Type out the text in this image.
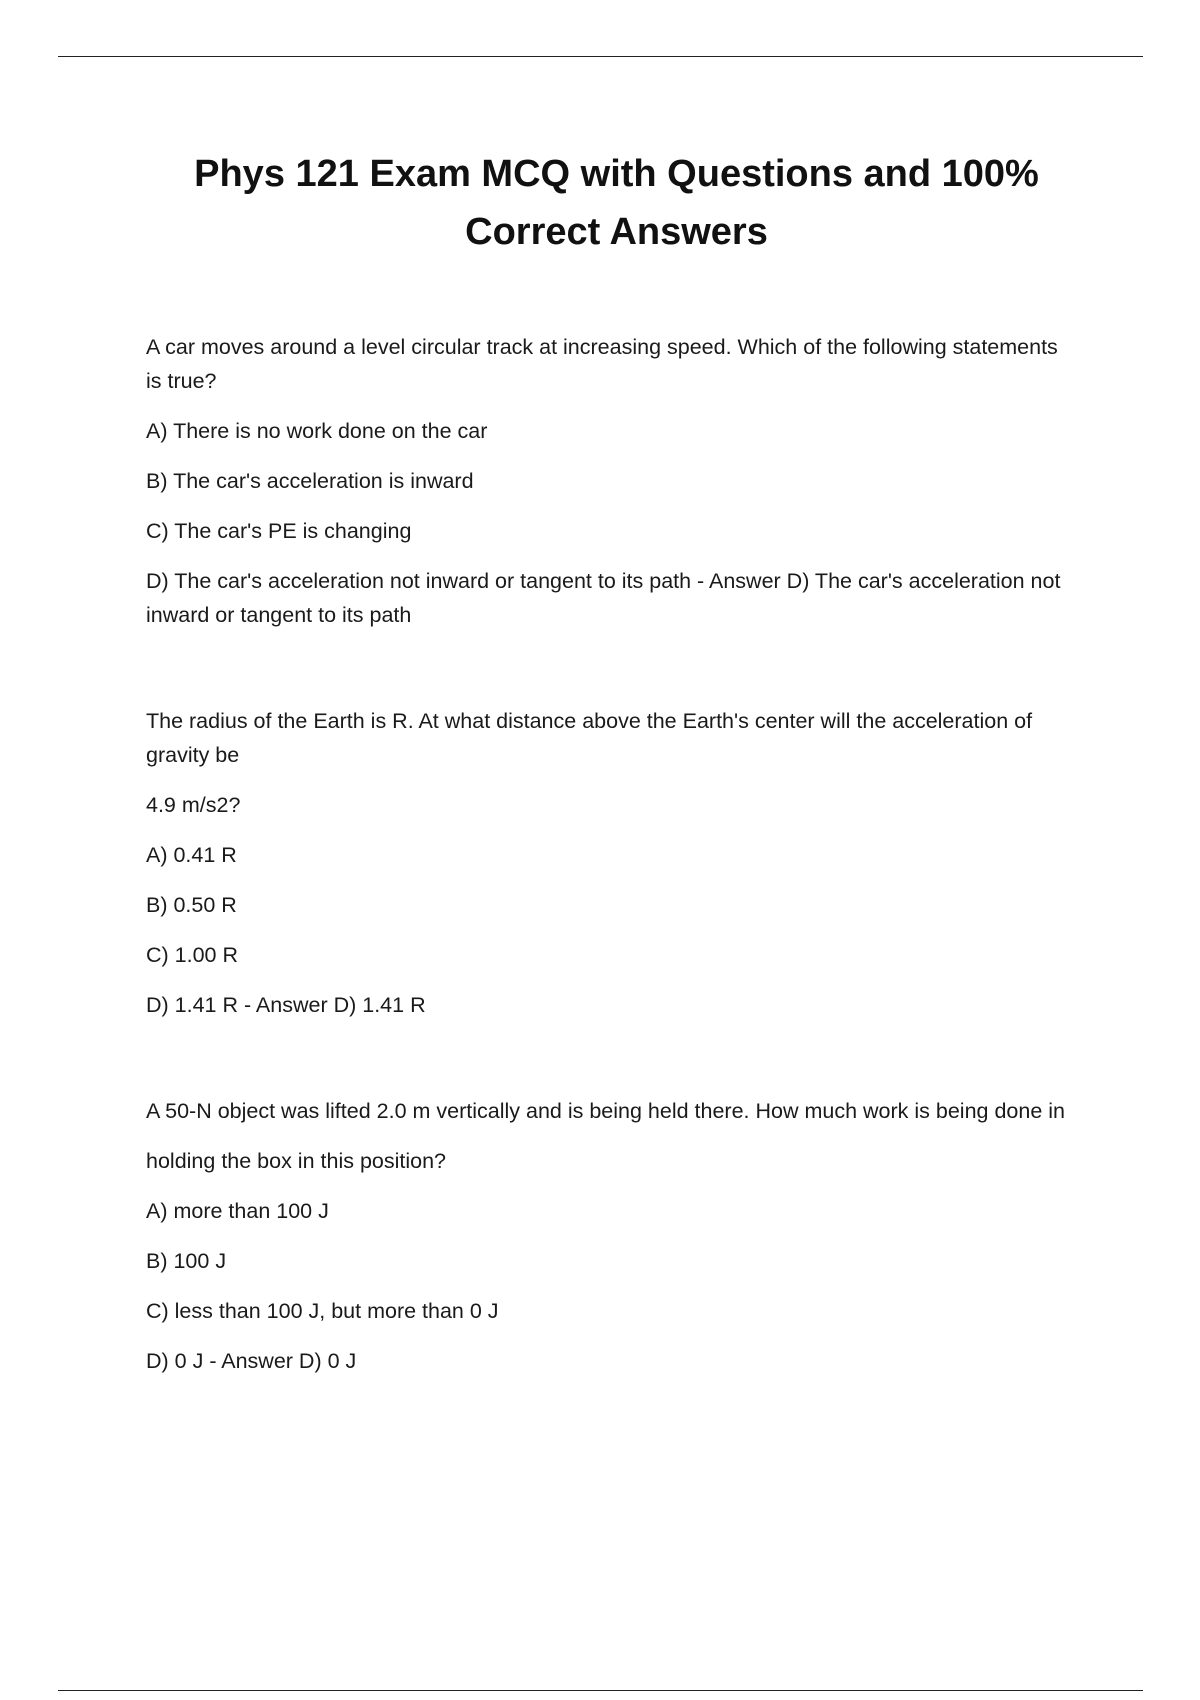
Phys 121 Exam MCQ with Questions and 100%
Correct Answers

A car moves around a level circular track at increasing speed. Which of the following statements is true?

A) There is no work done on the car

B) The car's acceleration is inward

C) The car's PE is changing

D) The car's acceleration not inward or tangent to its path - Answer D) The car's acceleration not inward or tangent to its path

The radius of the Earth is R. At what distance above the Earth's center will the acceleration of gravity be

4.9 m/s2?

A) 0.41 R

B) 0.50 R

C) 1.00 R

D) 1.41 R - Answer D) 1.41 R

A 50-N object was lifted 2.0 m vertically and is being held there. How much work is being done in

holding the box in this position?

A) more than 100 J

B) 100 J

C) less than 100 J, but more than 0 J

D) 0 J - Answer D) 0 J
